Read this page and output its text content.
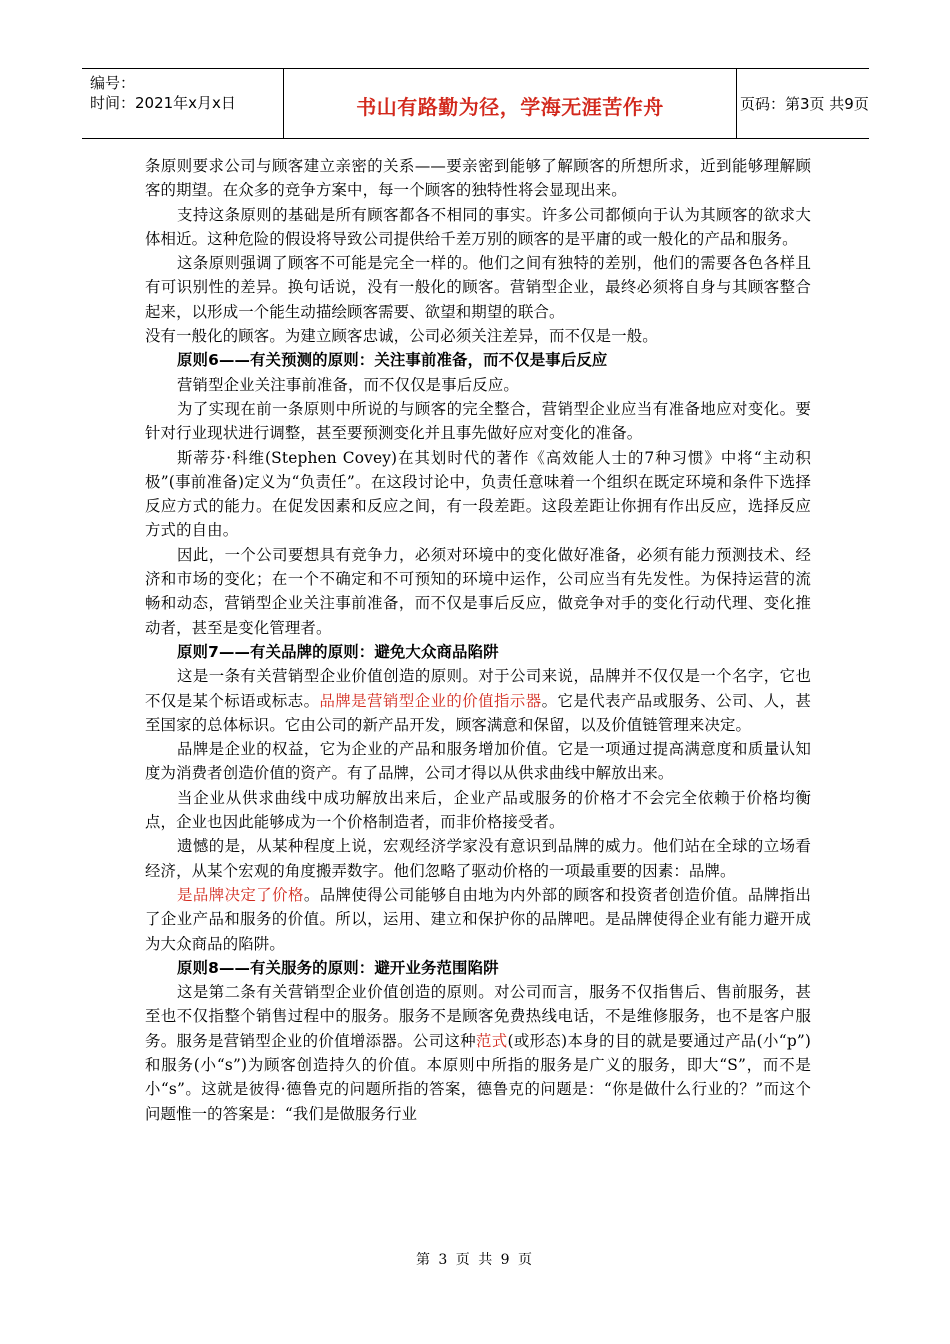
编号：
时间：2021年x月x日	书山有路勤为径，学海无涯苦作舟	页码：第3页 共9页

条原则要求公司与顾客建立亲密的关系——要亲密到能够了解顾客的所想所求，近到能够理解顾客的期望。在众多的竞争方案中，每一个顾客的独特性将会显现出来。

支持这条原则的基础是所有顾客都各不相同的事实。许多公司都倾向于认为其顾客的欲求大体相近。这种危险的假设将导致公司提供给千差万别的顾客的是平庸的或一般化的产品和服务。

这条原则强调了顾客不可能是完全一样的。他们之间有独特的差别，他们的需要各色各样且有可识别性的差异。换句话说，没有一般化的顾客。营销型企业，最终必须将自身与其顾客整合起来，以形成一个能生动描绘顾客需要、欲望和期望的联合。

没有一般化的顾客。为建立顾客忠诚，公司必须关注差异，而不仅是一般。

原则6——有关预测的原则：关注事前准备，而不仅是事后反应

营销型企业关注事前准备，而不仅仅是事后反应。

为了实现在前一条原则中所说的与顾客的完全整合，营销型企业应当有准备地应对变化。要针对行业现状进行调整，甚至要预测变化并且事先做好应对变化的准备。

斯蒂芬·科维(Stephen Covey)在其划时代的著作《高效能人士的7种习惯》中将“主动积极”(事前准备)定义为“负责任”。在这段讨论中，负责任意味着一个组织在既定环境和条件下选择反应方式的能力。在促发因素和反应之间，有一段差距。这段差距让你拥有作出反应，选择反应方式的自由。

因此，一个公司要想具有竞争力，必须对环境中的变化做好准备，必须有能力预测技术、经济和市场的变化；在一个不确定和不可预知的环境中运作，公司应当有先发性。为保持运营的流畅和动态，营销型企业关注事前准备，而不仅是事后反应，做竞争对手的变化行动代理、变化推动者，甚至是变化管理者。

原则7——有关品牌的原则：避免大众商品陷阱

这是一条有关营销型企业价值创造的原则。对于公司来说，品牌并不仅仅是一个名字，它也不仅是某个标语或标志。品牌是营销型企业的价值指示器。它是代表产品或服务、公司、人，甚至国家的总体标识。它由公司的新产品开发，顾客满意和保留，以及价值链管理来决定。

品牌是企业的权益，它为企业的产品和服务增加价值。它是一项通过提高满意度和质量认知度为消费者创造价值的资产。有了品牌，公司才得以从供求曲线中解放出来。

当企业从供求曲线中成功解放出来后，企业产品或服务的价格才不会完全依赖于价格均衡点，企业也因此能够成为一个价格制造者，而非价格接受者。

遗憾的是，从某种程度上说，宏观经济学家没有意识到品牌的威力。他们站在全球的立场看经济，从某个宏观的角度搬弄数字。他们忽略了驱动价格的一项最重要的因素：品牌。

是品牌决定了价格。品牌使得公司能够自由地为内外部的顾客和投资者创造价值。品牌指出了企业产品和服务的价值。所以，运用、建立和保护你的品牌吧。是品牌使得企业有能力避开成为大众商品的陷阱。

原则8——有关服务的原则：避开业务范围陷阱

这是第二条有关营销型企业价值创造的原则。对公司而言，服务不仅指售后、售前服务，甚至也不仅指整个销售过程中的服务。服务不是顾客免费热线电话，不是维修服务，也不是客户服务。服务是营销型企业的价值增添器。公司这种范式(或形态)本身的目的就是要通过产品(小“p”)和服务(小“s”)为顾客创造持久的价值。本原则中所指的服务是广义的服务，即大“S”，而不是小“s”。这就是彼得·德鲁克的问题所指的答案，德鲁克的问题是：“你是做什么行业的？”而这个问题惟一的答案是：“我们是做服务行业

第 3 页 共 9 页
